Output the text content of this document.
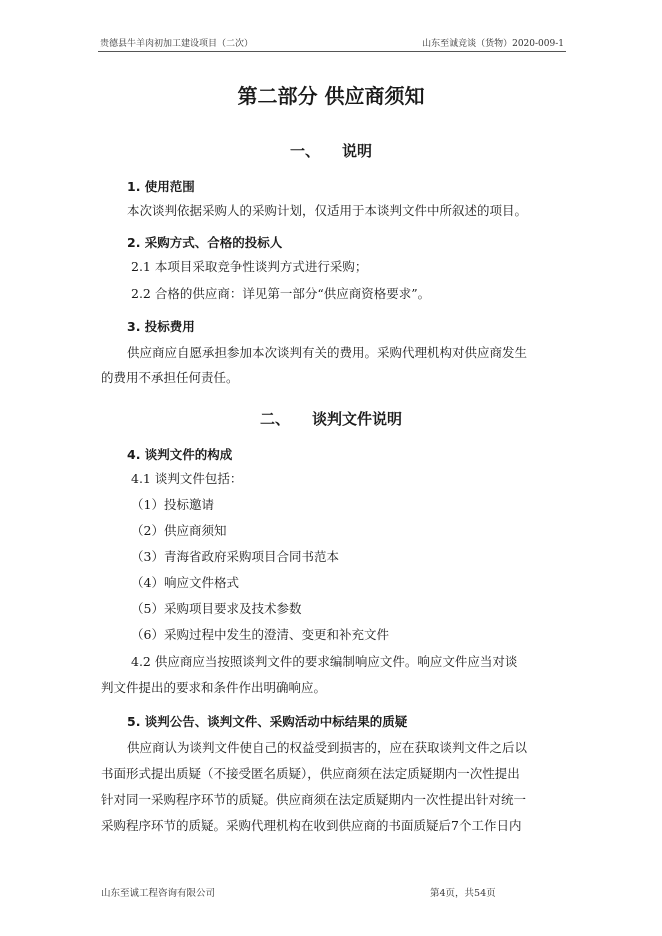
贵德县牛羊肉初加工建设项目（二次）	山东至诚竞谈（货物）2020-009-1
第二部分 供应商须知
一、 说明
1. 使用范围
本次谈判依据采购人的采购计划，仅适用于本谈判文件中所叙述的项目。
2. 采购方式、合格的投标人
2.1 本项目采取竞争性谈判方式进行采购；
2.2 合格的供应商：详见第一部分“供应商资格要求”。
3. 投标费用
供应商应自愿承担参加本次谈判有关的费用。采购代理机构对供应商发生
的费用不承担任何责任。
二、 谈判文件说明
4. 谈判文件的构成
4.1 谈判文件包括：
（1）投标邀请
（2）供应商须知
（3）青海省政府采购项目合同书范本
（4）响应文件格式
（5）采购项目要求及技术参数
（6）采购过程中发生的澄清、变更和补充文件
4.2 供应商应当按照谈判文件的要求编制响应文件。响应文件应当对谈
判文件提出的要求和条件作出明确响应。
5. 谈判公告、谈判文件、采购活动中标结果的质疑
供应商认为谈判文件使自己的权益受到损害的，应在获取谈判文件之后以
书面形式提出质疑（不接受匿名质疑），供应商须在法定质疑期内一次性提出
针对同一采购程序环节的质疑。供应商须在法定质疑期内一次性提出针对统一
采购程序环节的质疑。采购代理机构在收到供应商的书面质疑后7个工作日内
山东至诚工程咨询有限公司	第4页，共54页
